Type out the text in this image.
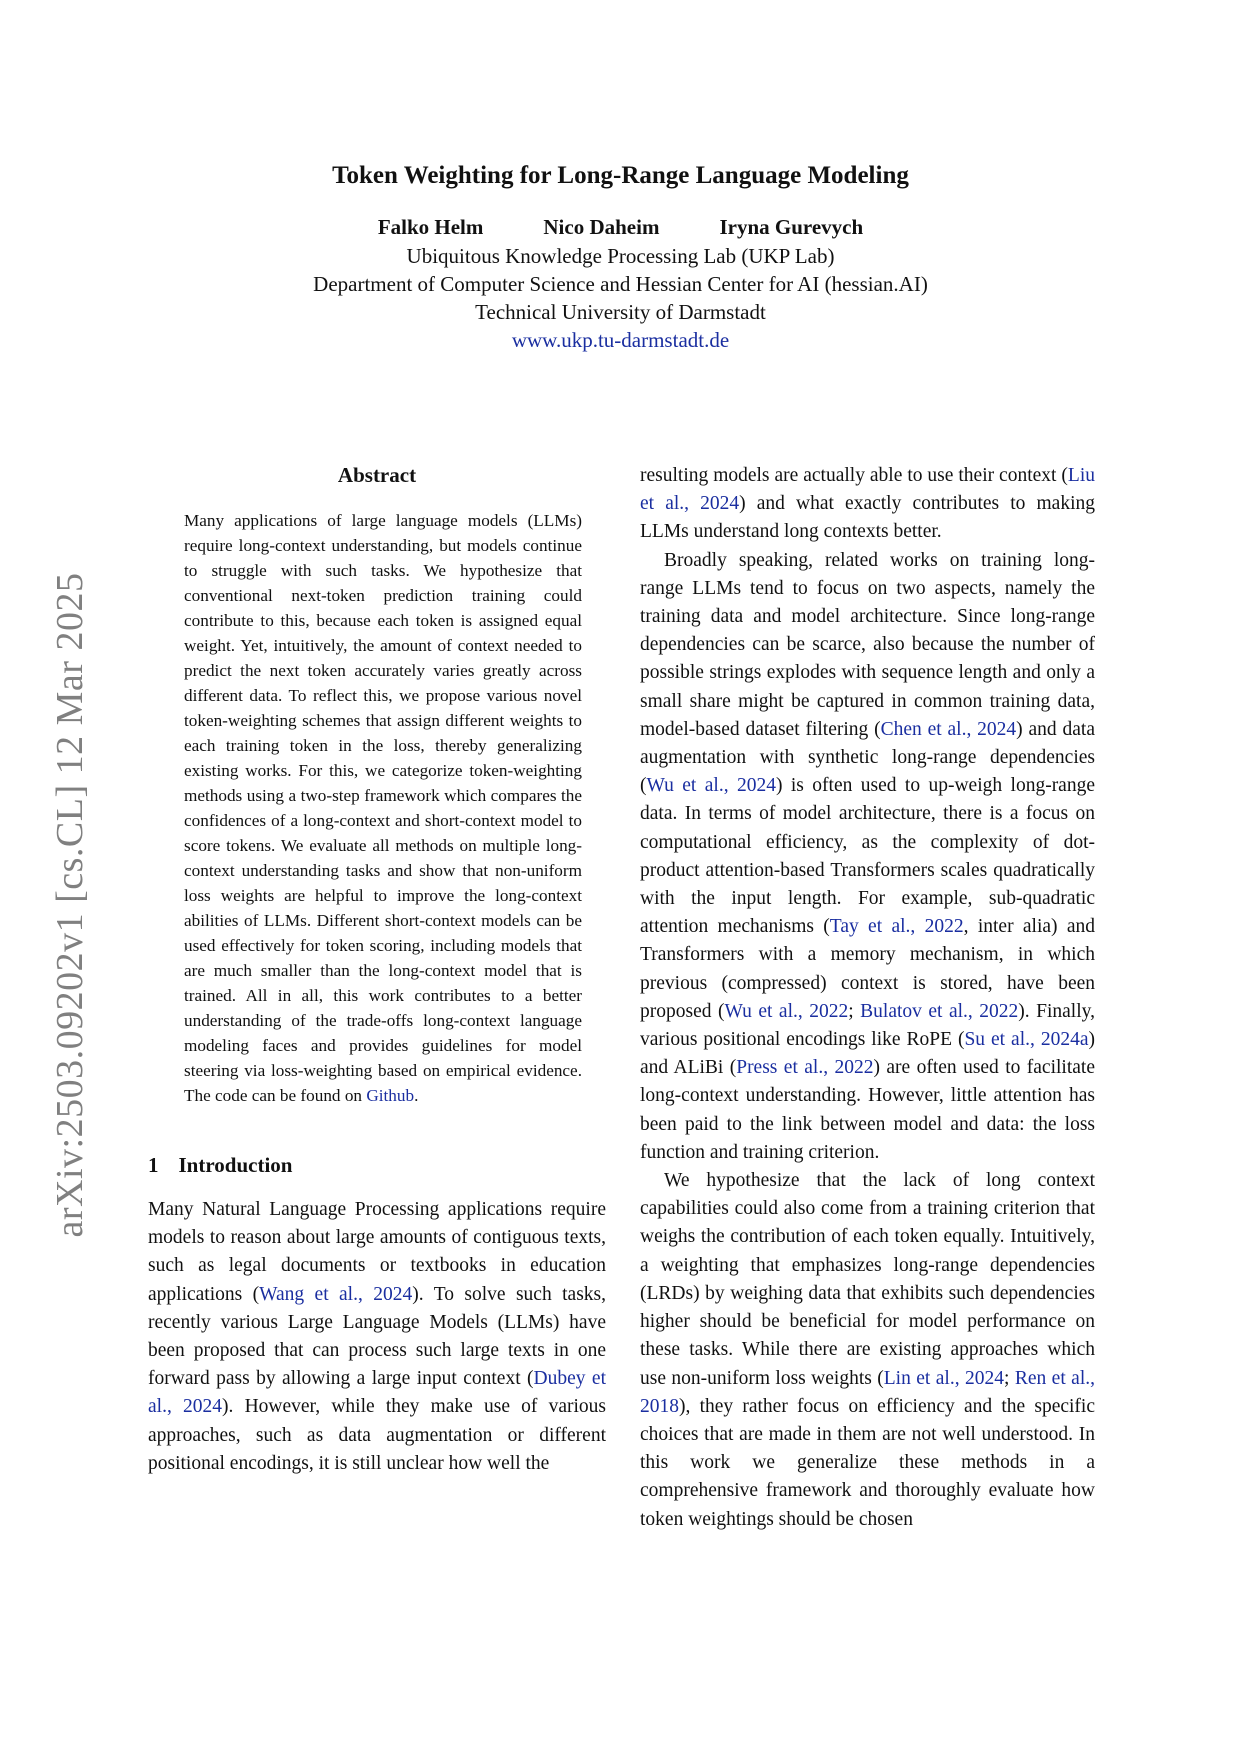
arXiv:2503.09202v1 [cs.CL] 12 Mar 2025
Token Weighting for Long-Range Language Modeling
Falko Helm	Nico Daheim	Iryna Gurevych
Ubiquitous Knowledge Processing Lab (UKP Lab)
Department of Computer Science and Hessian Center for AI (hessian.AI)
Technical University of Darmstadt
www.ukp.tu-darmstadt.de
Abstract
Many applications of large language models (LLMs) require long-context understanding, but models continue to struggle with such tasks. We hypothesize that conventional next-token prediction training could contribute to this, because each token is assigned equal weight. Yet, intuitively, the amount of context needed to predict the next token accurately varies greatly across different data. To reflect this, we propose various novel token-weighting schemes that assign different weights to each training token in the loss, thereby generalizing existing works. For this, we categorize token-weighting methods using a two-step framework which compares the confidences of a long-context and short-context model to score tokens. We evaluate all methods on multiple long-context understanding tasks and show that non-uniform loss weights are helpful to improve the long-context abilities of LLMs. Different short-context models can be used effectively for token scoring, including models that are much smaller than the long-context model that is trained. All in all, this work contributes to a better understanding of the trade-offs long-context language modeling faces and provides guidelines for model steering via loss-weighting based on empirical evidence. The code can be found on Github.
1 Introduction

Many Natural Language Processing applications require models to reason about large amounts of contiguous texts, such as legal documents or textbooks in education applications (Wang et al., 2024). To solve such tasks, recently various Large Language Models (LLMs) have been proposed that can process such large texts in one forward pass by allowing a large input context (Dubey et al., 2024). However, while they make use of various approaches, such as data augmentation or different positional encodings, it is still unclear how well the

resulting models are actually able to use their context (Liu et al., 2024) and what exactly contributes to making LLMs understand long contexts better.

Broadly speaking, related works on training long-range LLMs tend to focus on two aspects, namely the training data and model architecture. Since long-range dependencies can be scarce, also because the number of possible strings explodes with sequence length and only a small share might be captured in common training data, model-based dataset filtering (Chen et al., 2024) and data augmentation with synthetic long-range dependencies (Wu et al., 2024) is often used to up-weigh long-range data. In terms of model architecture, there is a focus on computational efficiency, as the complexity of dot-product attention-based Transformers scales quadratically with the input length. For example, sub-quadratic attention mechanisms (Tay et al., 2022, inter alia) and Transformers with a memory mechanism, in which previous (compressed) context is stored, have been proposed (Wu et al., 2022; Bulatov et al., 2022). Finally, various positional encodings like RoPE (Su et al., 2024a) and ALiBi (Press et al., 2022) are often used to facilitate long-context understanding. However, little attention has been paid to the link between model and data: the loss function and training criterion.

We hypothesize that the lack of long context capabilities could also come from a training criterion that weighs the contribution of each token equally. Intuitively, a weighting that emphasizes long-range dependencies (LRDs) by weighing data that exhibits such dependencies higher should be beneficial for model performance on these tasks. While there are existing approaches which use non-uniform loss weights (Lin et al., 2024; Ren et al., 2018), they rather focus on efficiency and the specific choices that are made in them are not well understood. In this work we generalize these methods in a comprehensive framework and thoroughly evaluate how token weightings should be chosen
